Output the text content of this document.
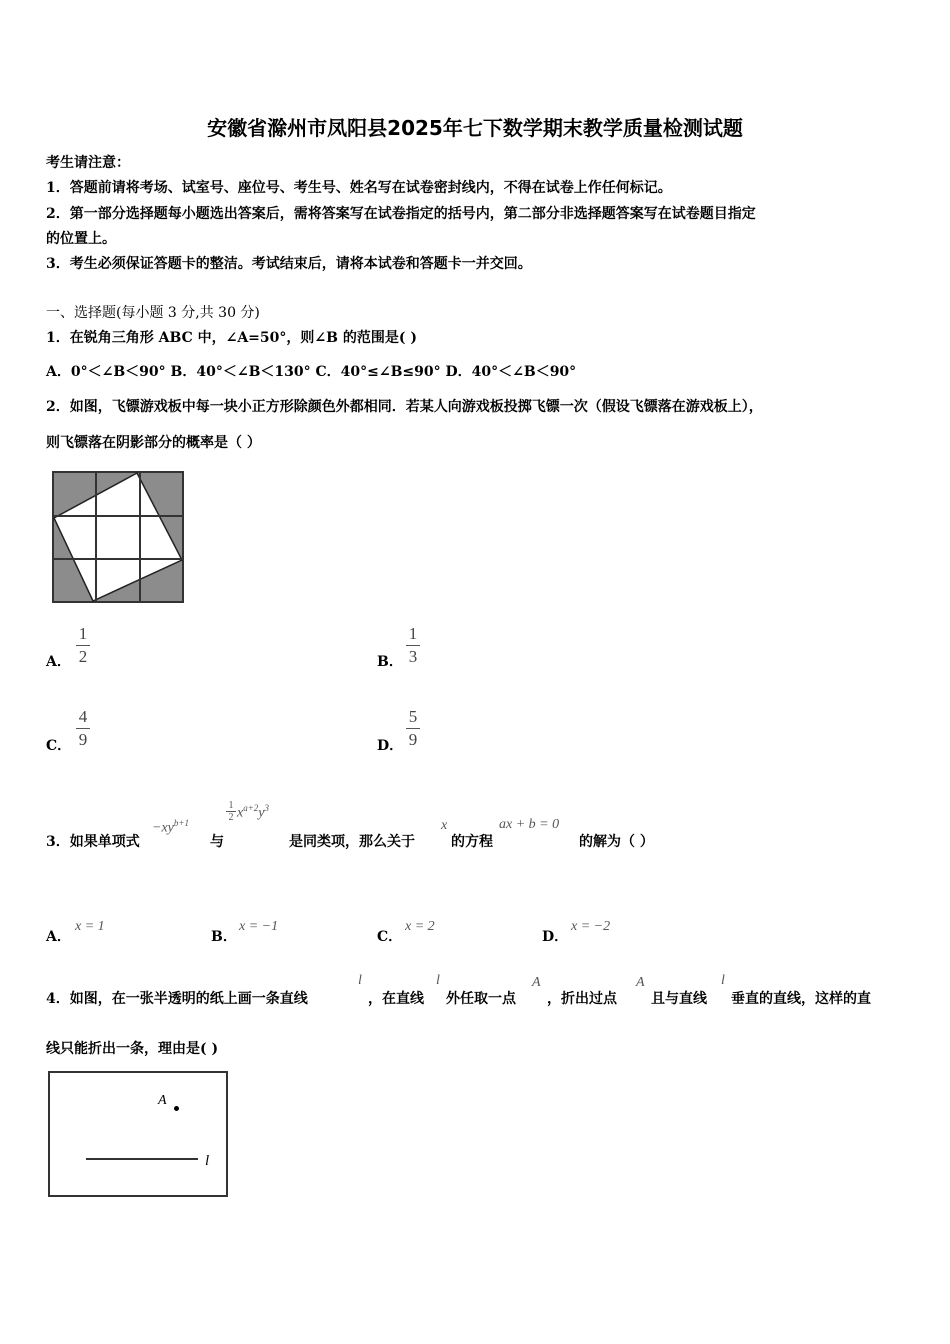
安徽省滁州市凤阳县2025年七下数学期末教学质量检测试题
考生请注意：
1．答题前请将考场、试室号、座位号、考生号、姓名写在试卷密封线内，不得在试卷上作任何标记。
2．第一部分选择题每小题选出答案后，需将答案写在试卷指定的括号内，第二部分非选择题答案写在试卷题目指定
的位置上。
3．考生必须保证答题卡的整洁。考试结束后，请将本试卷和答题卡一并交回。
一、选择题(每小题 3 分,共 30 分)
1．在锐角三角形 ABC 中，∠A=50°，则∠B 的范围是( )
A．0°＜∠B＜90° B．40°＜∠B＜130° C．40°≤∠B≤90° D．40°＜∠B＜90°
2．如图，飞镖游戏板中每一块小正方形除颜色外都相同．若某人向游戏板投掷飞镖一次（假设飞镖落在游戏板上），
则飞镖落在阴影部分的概率是（ ）
A．
1
2	B．
1
3
C．
4
9	D．
5
9
3．如果单项式
$-xy^{b+1}$
与
1
2 $x^{a+2}y^3$
是同类项，那么关于
x
的方程
ax + b = 0
的解为（ ）
A．
x = 1
B．
x = −1
C．
x = 2
D．
x = −2
4．如图，在一张半透明的纸上画一条直线
l
，在直线
l
外任取一点
A
，折出过点
A
且与直线
l
垂直的直线，这样的直
线只能折出一条，理由是( )
A
l
